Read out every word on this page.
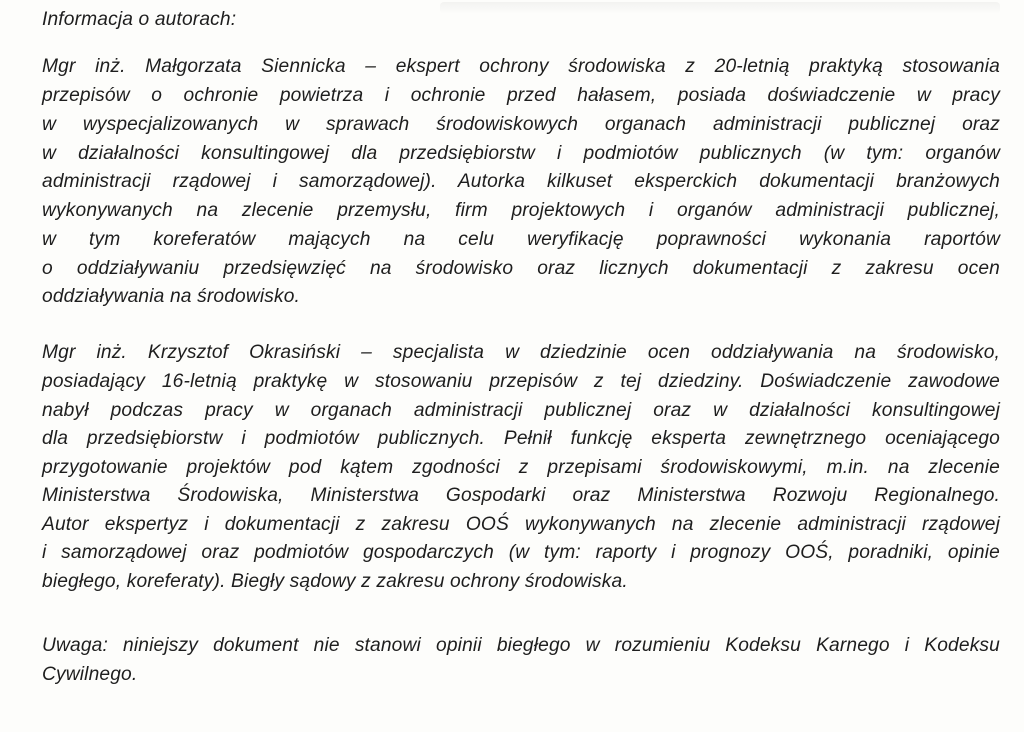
Informacja o autorach:
Mgr inż. Małgorzata Siennicka – ekspert ochrony środowiska z 20-letnią praktyką stosowania
przepisów o ochronie powietrza i ochronie przed hałasem, posiada doświadczenie w pracy
w wyspecjalizowanych w sprawach środowiskowych organach administracji publicznej oraz
w działalności konsultingowej dla przedsiębiorstw i podmiotów publicznych (w tym: organów
administracji rządowej i samorządowej). Autorka kilkuset eksperckich dokumentacji branżowych
wykonywanych na zlecenie przemysłu, firm projektowych i organów administracji publicznej,
w tym koreferatów mających na celu weryfikację poprawności wykonania raportów
o oddziaływaniu przedsięwzięć na środowisko oraz licznych dokumentacji z zakresu ocen
oddziaływania na środowisko.
Mgr inż. Krzysztof Okrasiński – specjalista w dziedzinie ocen oddziaływania na środowisko,
posiadający 16-letnią praktykę w stosowaniu przepisów z tej dziedziny. Doświadczenie zawodowe
nabył podczas pracy w organach administracji publicznej oraz w działalności konsultingowej
dla przedsiębiorstw i podmiotów publicznych. Pełnił funkcję eksperta zewnętrznego oceniającego
przygotowanie projektów pod kątem zgodności z przepisami środowiskowymi, m.in. na zlecenie
Ministerstwa Środowiska, Ministerstwa Gospodarki oraz Ministerstwa Rozwoju Regionalnego.
Autor ekspertyz i dokumentacji z zakresu OOŚ wykonywanych na zlecenie administracji rządowej
i samorządowej oraz podmiotów gospodarczych (w tym: raporty i prognozy OOŚ, poradniki, opinie
biegłego, koreferaty). Biegły sądowy z zakresu ochrony środowiska.
Uwaga: niniejszy dokument nie stanowi opinii biegłego w rozumieniu Kodeksu Karnego i Kodeksu
Cywilnego.
